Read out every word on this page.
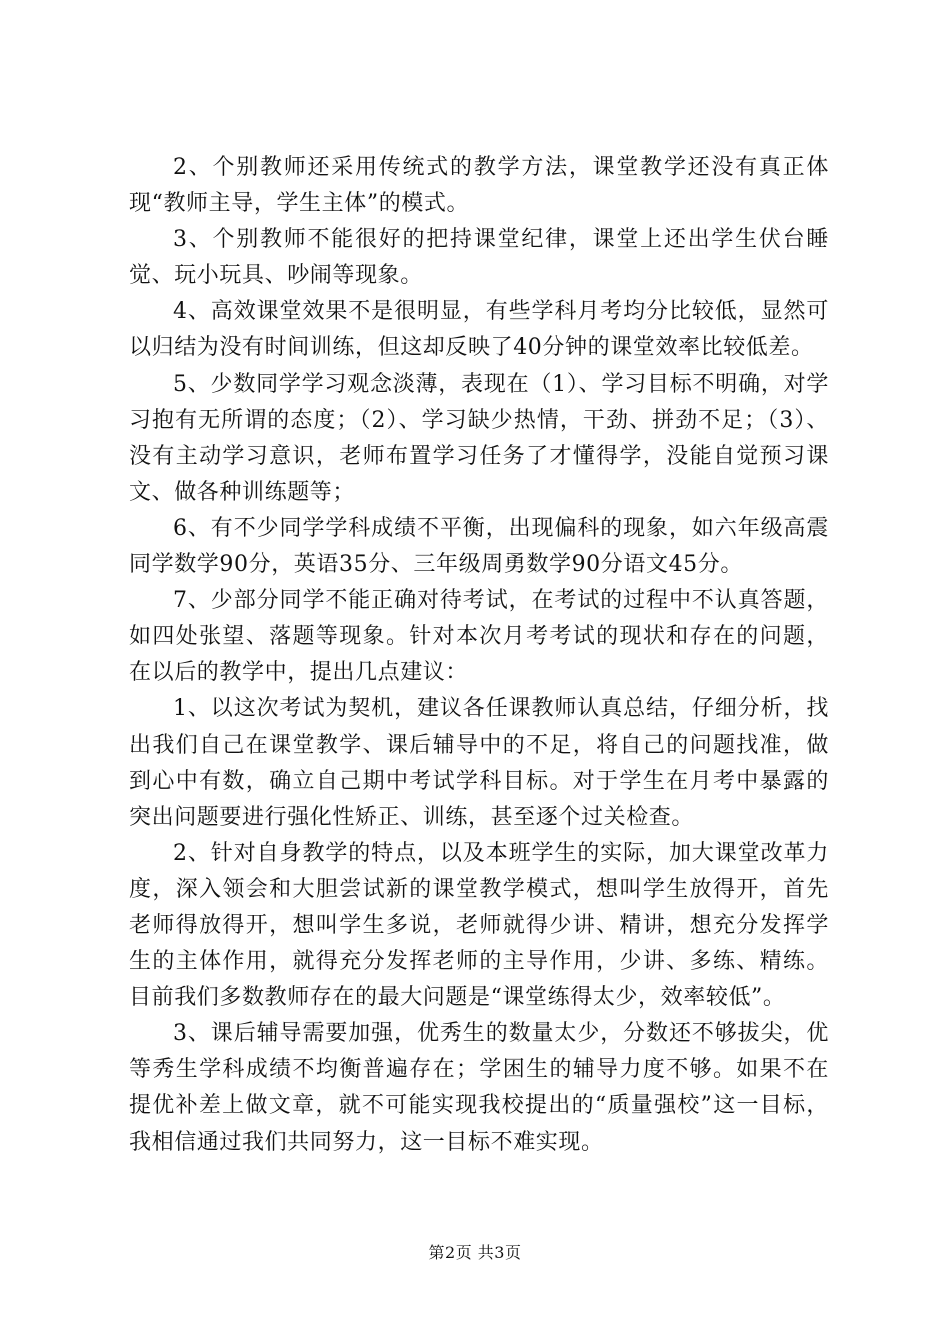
2、个别教师还采用传统式的教学方法，课堂教学还没有真正体现“教师主导，学生主体”的模式。

3、个别教师不能很好的把持课堂纪律，课堂上还出学生伏台睡觉、玩小玩具、吵闹等现象。

4、高效课堂效果不是很明显，有些学科月考均分比较低，显然可以归结为没有时间训练，但这却反映了40分钟的课堂效率比较低差。

5、少数同学学习观念淡薄，表现在（1）、学习目标不明确，对学习抱有无所谓的态度；（2）、学习缺少热情，干劲、拼劲不足；（3）、没有主动学习意识，老师布置学习任务了才懂得学，没能自觉预习课文、做各种训练题等；

6、有不少同学学科成绩不平衡，出现偏科的现象，如六年级高震同学数学90分，英语35分、三年级周勇数学90分语文45分。

7、少部分同学不能正确对待考试，在考试的过程中不认真答题，如四处张望、落题等现象。针对本次月考考试的现状和存在的问题，在以后的教学中，提出几点建议：

1、以这次考试为契机，建议各任课教师认真总结，仔细分析，找出我们自己在课堂教学、课后辅导中的不足，将自己的问题找准，做到心中有数，确立自己期中考试学科目标。对于学生在月考中暴露的突出问题要进行强化性矫正、训练，甚至逐个过关检查。

2、针对自身教学的特点，以及本班学生的实际，加大课堂改革力度，深入领会和大胆尝试新的课堂教学模式，想叫学生放得开，首先老师得放得开，想叫学生多说，老师就得少讲、精讲，想充分发挥学生的主体作用，就得充分发挥老师的主导作用，少讲、多练、精练。目前我们多数教师存在的最大问题是“课堂练得太少，效率较低”。

3、课后辅导需要加强，优秀生的数量太少，分数还不够拔尖，优等秀生学科成绩不均衡普遍存在；学困生的辅导力度不够。如果不在提优补差上做文章，就不可能实现我校提出的“质量强校”这一目标，我相信通过我们共同努力，这一目标不难实现。

第2页 共3页
